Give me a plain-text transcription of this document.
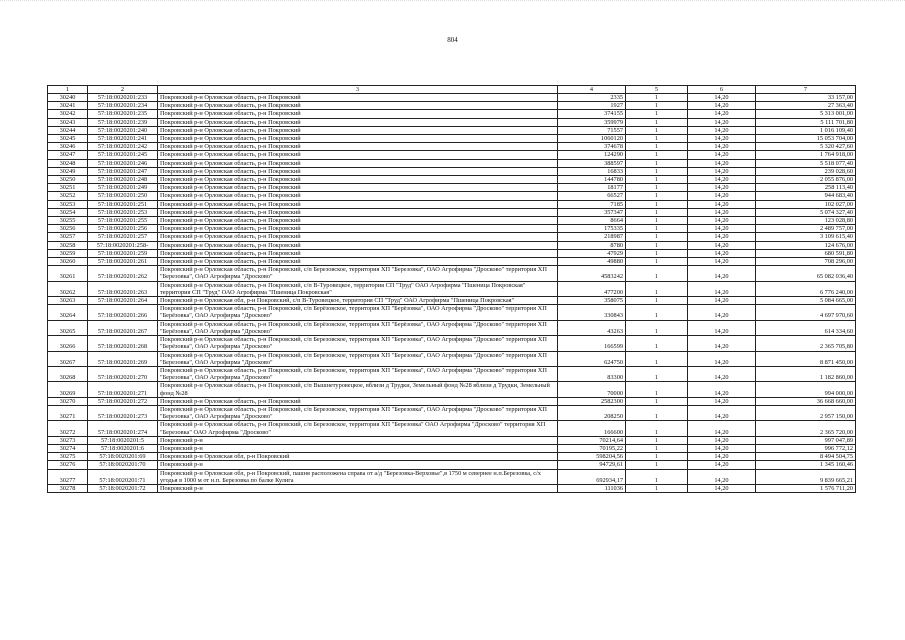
804
1	2	3	4	5	6	7
30240	57:18:0020201:233	Покровский р-н Орловская область, р-н Покровский	2335	1	14,20	33 157,00
30241	57:18:0020201:234	Покровский р-н Орловская область, р-н Покровский	1927	1	14,20	27 363,40
30242	57:18:0020201:235	Покровский р-н Орловская область, р-н Покровский	374155	1	14,20	5 313 001,00
30243	57:18:0020201:239	Покровский р-н Орловская область, р-н Покровский	359979	1	14,20	5 111 701,80
30244	57:18:0020201:240	Покровский р-н Орловская область, р-н Покровский	71557	1	14,20	1 016 109,40
30245	57:18:0020201:241	Покровский р-н Орловская область, р-н Покровский	1060120	1	14,20	15 053 704,00
30246	57:18:0020201:242	Покровский р-н Орловская область, р-н Покровский	374678	1	14,20	5 320 427,60
30247	57:18:0020201:245	Покровский р-н Орловская область, р-н Покровский	124290	1	14,20	1 764 918,00
30248	57:18:0020201:246	Покровский р-н Орловская область, р-н Покровский	388597	1	14,20	5 518 077,40
30249	57:18:0020201:247	Покровский р-н Орловская область, р-н Покровский	16833	1	14,20	239 028,60
30250	57:18:0020201:248	Покровский р-н Орловская область, р-н Покровский	144780	1	14,20	2 055 876,00
30251	57:18:0020201:249	Покровский р-н Орловская область, р-н Покровский	18177	1	14,20	258 113,40
30252	57:18:0020201:250	Покровский р-н Орловская область, р-н Покровский	66527	1	14,20	944 683,40
30253	57:18:0020201:251	Покровский р-н Орловская область, р-н Покровский	7185	1	14,20	102 027,00
30254	57:18:0020201:253	Покровский р-н Орловская область, р-н Покровский	357347	1	14,20	5 074 327,40
30255	57:18:0020201:255	Покровский р-н Орловская область, р-н Покровский	8664	1	14,20	123 028,80
30256	57:18:0020201:256	Покровский р-н Орловская область, р-н Покровский	175335	1	14,20	2 489 757,00
30257	57:18:0020201:257	Покровский р-н Орловская область, р-н Покровский	218987	1	14,20	3 109 615,40
30258	57:18:0020201:258-	Покровский р-н Орловская область, р-н Покровский	8780	1	14,20	124 676,00
30259	57:18:0020201:259	Покровский р-н Орловская область, р-н Покровский	47929	1	14,20	680 591,80
30260	57:18:0020201:261	Покровский р-н Орловская область, р-н Покровский	49880	1	14,20	708 296,00
30261	57:18:0020201:262	Покровский р-н Орловская область, р-н Покровский, с/п Березовское, территория ХП "Березовка", ОАО Агрофирма "Дросково" территория ХП "Березовка", ОАО Агрофирма "Дросково"	4583242	1	14,20	65 082 036,40
30262	57:18:0020201:263	Покровский р-н Орловская область, р-н Покровский, с/п В-Туровецкое, территория СП "Труд" ОАО Агрофирма "Пшеница Покровская" территория СП "Труд" ОАО Агрофирма "Пшеница Покровская"	477200	1	14,20	6 776 240,00
30263	57:18:0020201:264	Покровский р-н Орловская обл, р-н Покровский, с/п В-Туровецкое, территория СП "Труд" ОАО Агрофирма "Пшеница Покровская"	358075	1	14,20	5 084 665,00
30264	57:18:0020201:266	Покровский р-н Орловская область, р-н Покровский, с/п Берёзовское, территория ХП "Берёзовка", ОАО Агрофирма "Дросково" территория ХП "Берёзовка", ОАО Агрофирма "Дросково"	330843	1	14,20	4 697 970,60
30265	57:18:0020201:267	Покровский р-н Орловская область, р-н Покровский, с/п Берёзовское, территория ХП "Берёзовка", ОАО Агрофирма "Дросково" территория ХП "Берёзовка", ОАО Агрофирма "Дросково"	43263	1	14,20	614 334,60
30266	57:18:0020201:268	Покровский р-н Орловская область, р-н Покровский, с/п Березовское, территория ХП "Березовка", ОАО Агрофирма "Дросково" территория ХП "Берёзовка", ОАО Агрофирма "Дросково"	166599	1	14,20	2 365 705,80
30267	57:18:0020201:269	Покровский р-н Орловская область, р-н Покровский, с/п Березовское, территория ХП "Березовка", ОАО Агрофирма "Дросково" территория ХП "Березовка", ОАО Агрофирма "Дросково"	624750	1	14,20	8 871 450,00
30268	57:18:0020201:270	Покровский р-н Орловская область, р-н Покровский, с/п Березовское, территория ХП "Березовка", ОАО Агрофирма "Дросково" территория ХП "Березовка", ОАО Агрофирма "Дросково"	83300	1	14,20	1 182 860,00
30269	57:18:0020201:271	Покровский р-н Орловская область, р-н Покровский, с/п Вышнетуровецкое, вблизи д Трудки, Земельный фонд №28 вблизи д Трудки, Земельный фонд №28	70000	1	14,20	994 000,00
30270	57:18:0020201:272	Покровский р-н Орловская область, р-н Покровский	2582300	1	14,20	36 668 660,00
30271	57:18:0020201:273	Покровский р-н Орловская область, р-н Покровский, с/п Березовское, территория ХП "Березовка", ОАО Агрофирма "Дросково" территория ХП "Березовка", ОАО Агрофирма "Дросково"	208250	1	14,20	2 957 150,00
30272	57:18:0020201:274	Покровский р-н Орловская область, р-н Покровский, с/п Березовское, территория ХП "Березовка" ОАО Агрофирма "Дросково" территория ХП "Березовка" ОАО Агрофирма "Дросково"	166600	1	14,20	2 365 720,00
30273	57:18:0020201:5	Покровский р-н	70214,64	1	14,20	997 047,89
30274	57:18:0020201:6	Покровский р-н	70195,22	1	14,20	996 772,12
30275	57:18:0020201:69	Покровский р-н Орловская обл, р-н Покровский	598204,56	1	14,20	8 494 504,75
30276	57:18:0020201:70	Покровский р-н	94729,61	1	14,20	1 345 160,46
30277	57:18:0020201:71	Покровский р-н Орловская обл, р-н Покровский, пашня расположена справа от а/д "Березовка-Верховье",в 1750 м севернее н.п.Березовка, с/х угодья в 1000 м от н.п. Березовка по балке Кулига	692934,17	1	14,20	9 839 665,21
30278	57:18:0020201:72	Покровский р-н	111036	1	14,20	1 576 711,20
